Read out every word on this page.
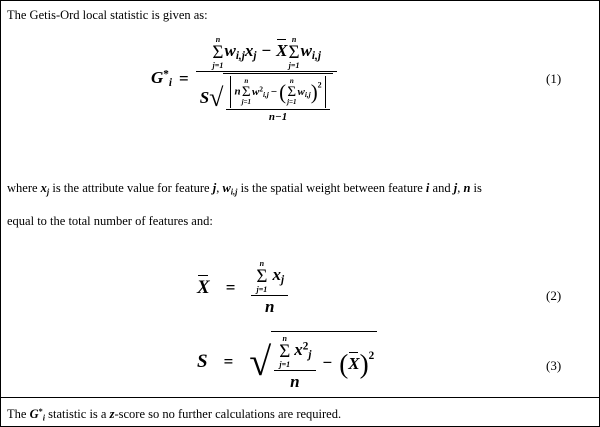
The Getis-Ord local statistic is given as:
$G^*_i$ =
n
Σ
j=1
$w_{i,j}x_j - X$
n
Σ
j=1
$w_{i,j}$
S √	n
n
Σ
j=1
$w^2_{i,j}$ −( n
Σ
j=1
$w_{i,j})^2$
n−1
(1)
where $x_j$ is the attribute value for feature j, $w_{i,j}$ is the spatial weight between feature i and j, n is
equal to the total number of features and:
X = n
Σ
j=1
$x_j$
n	(2)
S = √	n
Σ
j=1
$x^2_j$
n
− $(X)^2$
(3)
The $G^*_i$ statistic is a z-score so no further calculations are required.
